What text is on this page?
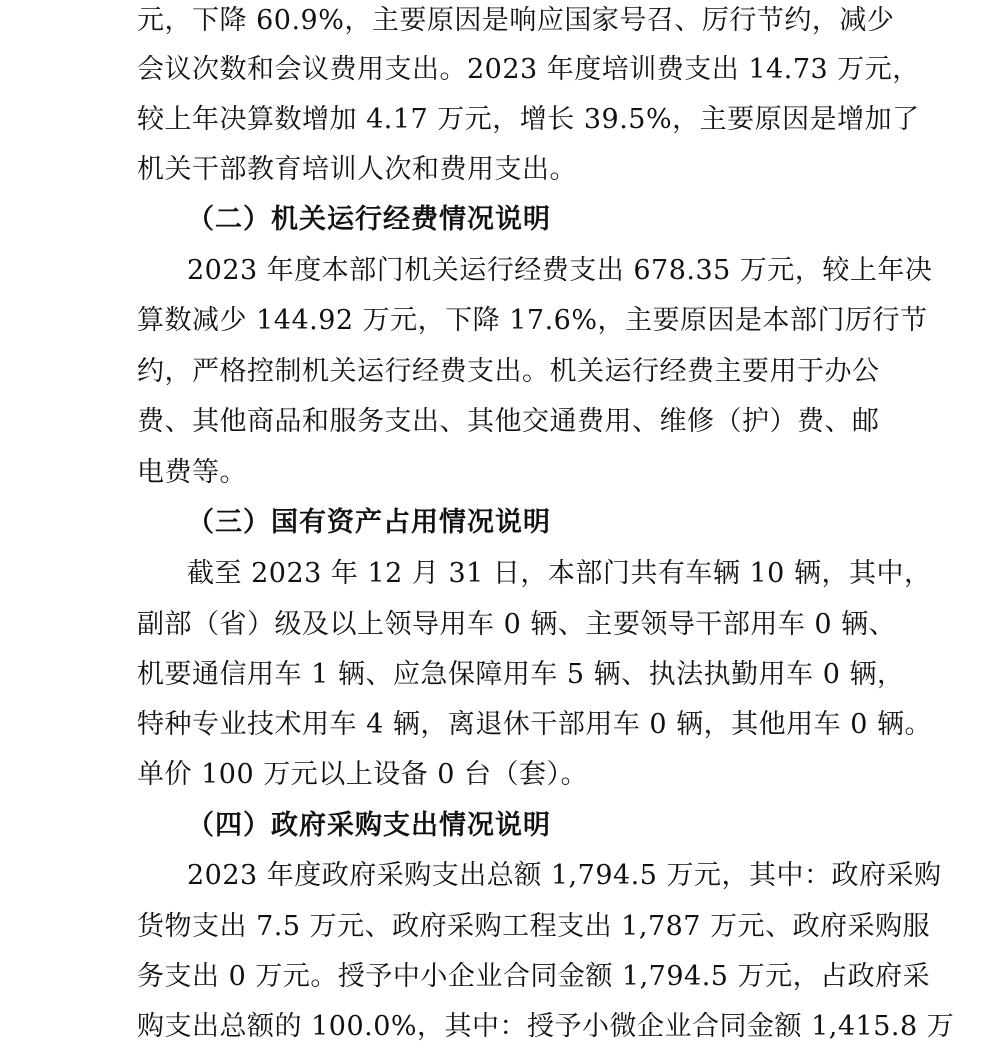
元，下降 60.9%，主要原因是响应国家号召、厉行节约，减少
会议次数和会议费用支出。2023 年度培训费支出 14.73 万元，
较上年决算数增加 4.17 万元，增长 39.5%，主要原因是增加了
机关干部教育培训人次和费用支出。
（二）机关运行经费情况说明
2023 年度本部门机关运行经费支出 678.35 万元，较上年决
算数减少 144.92 万元，下降 17.6%，主要原因是本部门厉行节
约，严格控制机关运行经费支出。机关运行经费主要用于办公
费、其他商品和服务支出、其他交通费用、维修（护）费、邮
电费等。
（三）国有资产占用情况说明
截至 2023 年 12 月 31 日，本部门共有车辆 10 辆，其中，
副部（省）级及以上领导用车 0 辆、主要领导干部用车 0 辆、
机要通信用车 1 辆、应急保障用车 5 辆、执法执勤用车 0 辆，
特种专业技术用车 4 辆，离退休干部用车 0 辆，其他用车 0 辆。
单价 100 万元以上设备 0 台（套）。
（四）政府采购支出情况说明
2023 年度政府采购支出总额 1,794.5 万元，其中：政府采购
货物支出 7.5 万元、政府采购工程支出 1,787 万元、政府采购服
务支出 0 万元。授予中小企业合同金额 1,794.5 万元，占政府采
购支出总额的 100.0%，其中：授予小微企业合同金额 1,415.8 万
